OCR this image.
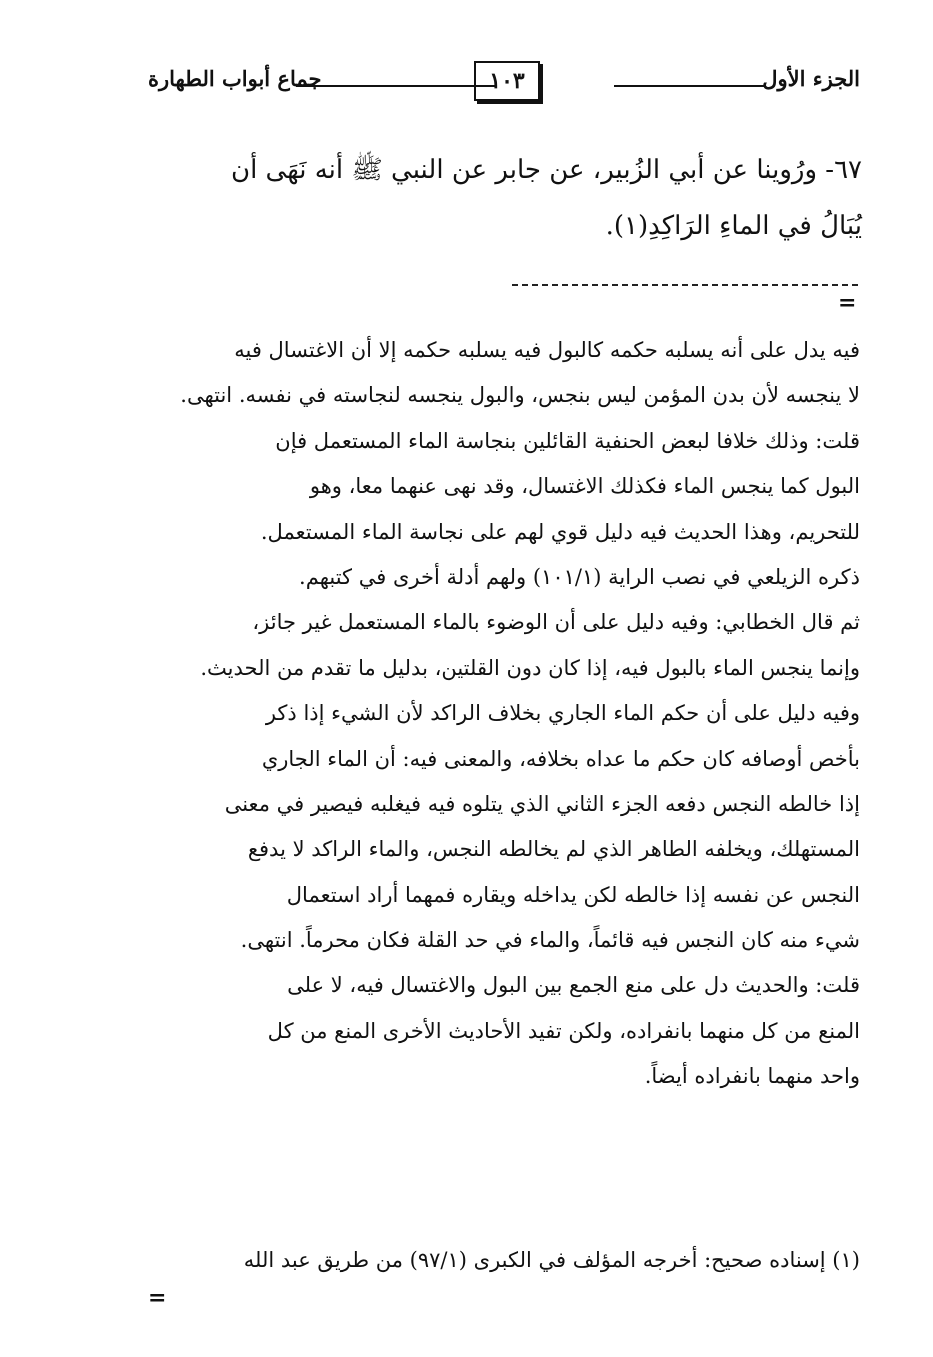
الجزء الأول
١٠٣
جماع أبواب الطهارة

٦٧- ورُوينا عن أبي الزُبير، عن جابر عن النبي ﷺ أنه نَهَى أن

يُبَالُ في الماءِ الرَاكِدِ(١).

=
فيه يدل على أنه يسلبه حكمه كالبول فيه يسلبه حكمه إلا أن الاغتسال فيه
لا ينجسه لأن بدن المؤمن ليس بنجس، والبول ينجسه لنجاسته في نفسه. انتهى.
قلت: وذلك خلافا لبعض الحنفية القائلين بنجاسة الماء المستعمل فإن
البول كما ينجس الماء فكذلك الاغتسال، وقد نهى عنهما معا، وهو
للتحريم، وهذا الحديث فيه دليل قوي لهم على نجاسة الماء المستعمل.
ذكره الزيلعي في نصب الراية (١٠١/١) ولهم أدلة أخرى في كتبهم.
ثم قال الخطابي: وفيه دليل على أن الوضوء بالماء المستعمل غير جائز،
وإنما ينجس الماء بالبول فيه، إذا كان دون القلتين، بدليل ما تقدم من الحديث.
وفيه دليل على أن حكم الماء الجاري بخلاف الراكد لأن الشيء إذا ذكر
بأخص أوصافه كان حكم ما عداه بخلافه، والمعنى فيه: أن الماء الجاري
إذا خالطه النجس دفعه الجزء الثاني الذي يتلوه فيه فيغلبه فيصير في معنى
المستهلك، ويخلفه الطاهر الذي لم يخالطه النجس، والماء الراكد لا يدفع
النجس عن نفسه إذا خالطه لكن يداخله ويقاره فمهما أراد استعمال
شيء منه كان النجس فيه قائماً، والماء في حد القلة فكان محرماً. انتهى.
قلت: والحديث دل على منع الجمع بين البول والاغتسال فيه، لا على
المنع من كل منهما بانفراده، ولكن تفيد الأحاديث الأخرى المنع من كل
واحد منهما بانفراده أيضاً.
(١) إسناده صحيح: أخرجه المؤلف في الكبرى (٩٧/١) من طريق عبد الله
=
